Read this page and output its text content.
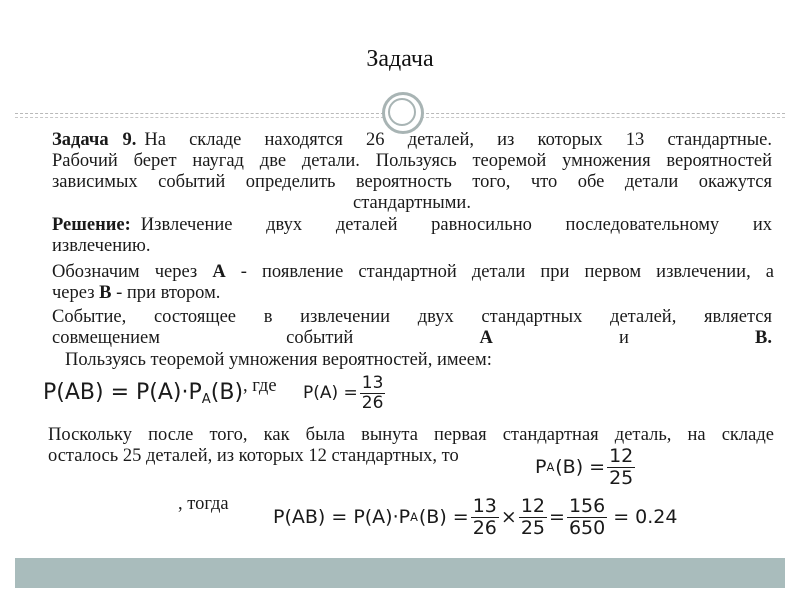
Задача
Задача 9. На складе находятся 26 деталей, из которых 13 стандартные.
Рабочий берет наугад две детали. Пользуясь теоремой умножения вероятностей
зависимых событий определить вероятность того, что обе детали окажутся
стандартными.
Решение: Извлечение двух деталей равносильно последовательному их
извлечению.
Обозначим через А - появление стандартной детали при первом извлечении, а
через В - при втором.
Событие, состоящее в извлечении двух стандартных деталей, является
совмещением	событий	А	и	В.
Пользуясь теоремой умножения вероятностей, имеем:
$P(AB) = P(A)\cdot P_A(B)$ , где $P(A) = \frac{13}{26}$
Поскольку после того, как была вынута первая стандартная деталь, на складе
осталось 25 деталей, из которых 12 стандартных, то
P A $(B) = \frac{12}{25}$
, тогда
P(AB) = P(A)·P A $(B) = \frac{13}{26} \times \frac{12}{25} = \frac{156}{650} = 0.24$
